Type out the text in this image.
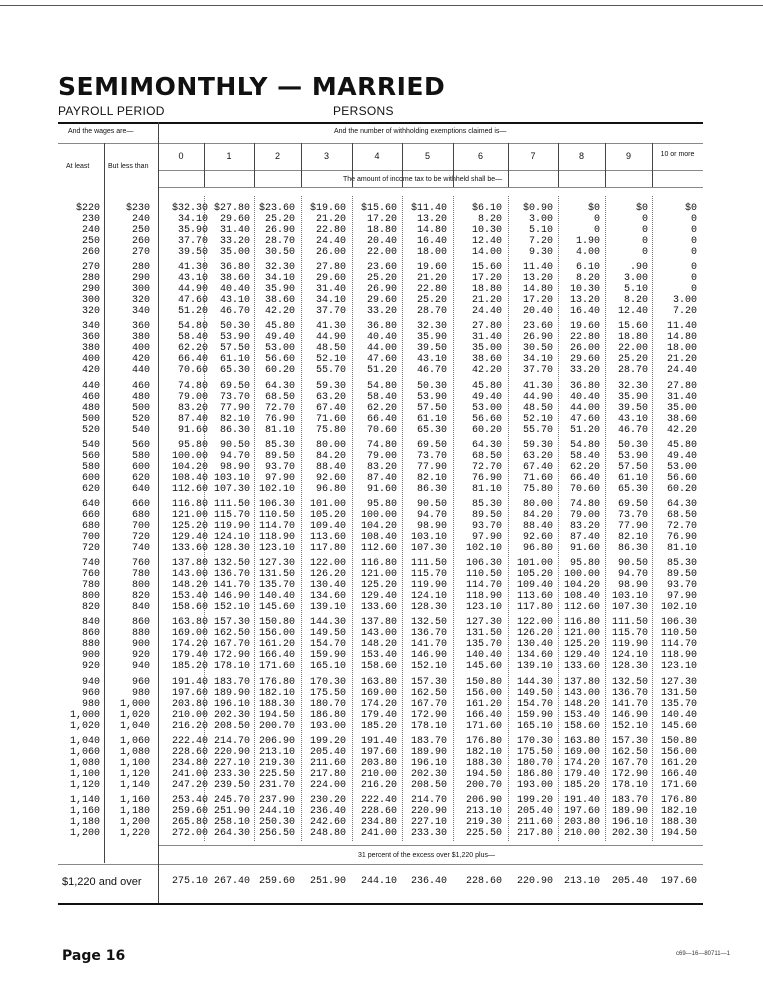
SEMIMONTHLY — MARRIED
PAYROLL PERIOD	PERSONS
And the wages are—	And the number of withholding exemptions claimed is—
At least	But less than
The amount of income tax to be withheld shall be—
0	1	2	3	4	5	6	7	8	9	10 or more
$220	$230	$32.30 $27.80 $23.60	$19.60	$15.60	$11.40	$6.10	$0.90	$0	$0	$0
230	240	34.10	29.60	25.20	21.20	17.20	13.20	8.20	3.00	0	0	0
240	250	35.90	31.40	26.90	22.80	18.80	14.80	10.30	5.10	0	0	0
250	260	37.70	33.20	28.70	24.40	20.40	16.40	12.40	7.20	1.90	0	0
260	270	39.50	35.00	30.50	26.00	22.00	18.00	14.00	9.30	4.00	0	0
270	280	41.30	36.80	32.30	27.80	23.60	19.60	15.60	11.40	6.10	.90	0
280	290	43.10	38.60	34.10	29.60	25.20	21.20	17.20	13.20	8.20	3.00	0
290	300	44.90	40.40	35.90	31.40	26.90	22.80	18.80	14.80	10.30	5.10	0
300	320	47.60	43.10	38.60	34.10	29.60	25.20	21.20	17.20	13.20	8.20	3.00
320	340	51.20	46.70	42.20	37.70	33.20	28.70	24.40	20.40	16.40	12.40	7.20
340	360	54.80	50.30	45.80	41.30	36.80	32.30	27.80	23.60	19.60	15.60	11.40
360	380	58.40	53.90	49.40	44.90	40.40	35.90	31.40	26.90	22.80	18.80	14.80
380	400	62.20	57.50	53.00	48.50	44.00	39.50	35.00	30.50	26.00	22.00	18.00
400	420	66.40	61.10	56.60	52.10	47.60	43.10	38.60	34.10	29.60	25.20	21.20
420	440	70.60	65.30	60.20	55.70	51.20	46.70	42.20	37.70	33.20	28.70	24.40
440	460	74.80	69.50	64.30	59.30	54.80	50.30	45.80	41.30	36.80	32.30	27.80
460	480	79.00	73.70	68.50	63.20	58.40	53.90	49.40	44.90	40.40	35.90	31.40
480	500	83.20	77.90	72.70	67.40	62.20	57.50	53.00	48.50	44.00	39.50	35.00
500	520	87.40	82.10	76.90	71.60	66.40	61.10	56.60	52.10	47.60	43.10	38.60
520	540	91.60	86.30	81.10	75.80	70.60	65.30	60.20	55.70	51.20	46.70	42.20
540	560	95.80	90.50	85.30	80.00	74.80	69.50	64.30	59.30	54.80	50.30	45.80
560	580	100.00	94.70	89.50	84.20	79.00	73.70	68.50	63.20	58.40	53.90	49.40
580	600	104.20	98.90	93.70	88.40	83.20	77.90	72.70	67.40	62.20	57.50	53.00
600	620	108.40 103.10	97.90	92.60	87.40	82.10	76.90	71.60	66.40	61.10	56.60
620	640	112.60 107.30 102.10	96.80	91.60	86.30	81.10	75.80	70.60	65.30	60.20
640	660	116.80 111.50 106.30	101.00	95.80	90.50	85.30	80.00	74.80	69.50	64.30
660	680	121.00 115.70 110.50	105.20	100.00	94.70	89.50	84.20	79.00	73.70	68.50
680	700	125.20 119.90 114.70	109.40	104.20	98.90	93.70	88.40	83.20	77.90	72.70
700	720	129.40 124.10 118.90	113.60	108.40	103.10	97.90	92.60	87.40	82.10	76.90
720	740	133.60 128.30 123.10	117.80	112.60	107.30	102.10	96.80	91.60	86.30	81.10
740	760	137.80 132.50 127.30	122.00	116.80	111.50	106.30	101.00	95.80	90.50	85.30
760	780	143.00 136.70 131.50	126.20	121.00	115.70	110.50	105.20	100.00	94.70	89.50
780	800	148.20 141.70 135.70	130.40	125.20	119.90	114.70	109.40	104.20	98.90	93.70
800	820	153.40 146.90 140.40	134.60	129.40	124.10	118.90	113.60	108.40	103.10	97.90
820	840	158.60 152.10 145.60	139.10	133.60	128.30	123.10	117.80	112.60	107.30	102.10
840	860	163.80 157.30 150.80	144.30	137.80	132.50	127.30	122.00	116.80	111.50	106.30
860	880	169.00 162.50 156.00	149.50	143.00	136.70	131.50	126.20	121.00	115.70	110.50
880	900	174.20 167.70 161.20	154.70	148.20	141.70	135.70	130.40	125.20	119.90	114.70
900	920	179.40 172.90 166.40	159.90	153.40	146.90	140.40	134.60	129.40	124.10	118.90
920	940	185.20 178.10 171.60	165.10	158.60	152.10	145.60	139.10	133.60	128.30	123.10
940	960	191.40 183.70 176.80	170.30	163.80	157.30	150.80	144.30	137.80	132.50	127.30
960	980	197.60 189.90 182.10	175.50	169.00	162.50	156.00	149.50	143.00	136.70	131.50
980	1,000	203.80 196.10 188.30	180.70	174.20	167.70	161.20	154.70	148.20	141.70	135.70
1,000	1,020	210.00 202.30 194.50	186.80	179.40	172.90	166.40	159.90	153.40	146.90	140.40
1,020	1,040	216.20 208.50 200.70	193.00	185.20	178.10	171.60	165.10	158.60	152.10	145.60
1,040	1,060	222.40 214.70 206.90	199.20	191.40	183.70	176.80	170.30	163.80	157.30	150.80
1,060	1,080	228.60 220.90 213.10	205.40	197.60	189.90	182.10	175.50	169.00	162.50	156.00
1,080	1,100	234.80 227.10 219.30	211.60	203.80	196.10	188.30	180.70	174.20	167.70	161.20
1,100	1,120	241.00 233.30 225.50	217.80	210.00	202.30	194.50	186.80	179.40	172.90	166.40
1,120	1,140	247.20 239.50 231.70	224.00	216.20	208.50	200.70	193.00	185.20	178.10	171.60
1,140	1,160	253.40 245.70 237.90	230.20	222.40	214.70	206.90	199.20	191.40	183.70	176.80
1,160	1,180	259.60 251.90 244.10	236.40	228.60	220.90	213.10	205.40	197.60	189.90	182.10
1,180	1,200	265.80 258.10 250.30	242.60	234.80	227.10	219.30	211.60	203.80	196.10	188.30
1,200	1,220	272.00 264.30 256.50	248.80	241.00	233.30	225.50	217.80	210.00	202.30	194.50
31 percent of the excess over $1,220 plus—
$1,220 and over	275.10 267.40 259.60	251.90	244.10	236.40	228.60	220.90	213.10	205.40	197.60
Page 16	c69—16—80711—1
